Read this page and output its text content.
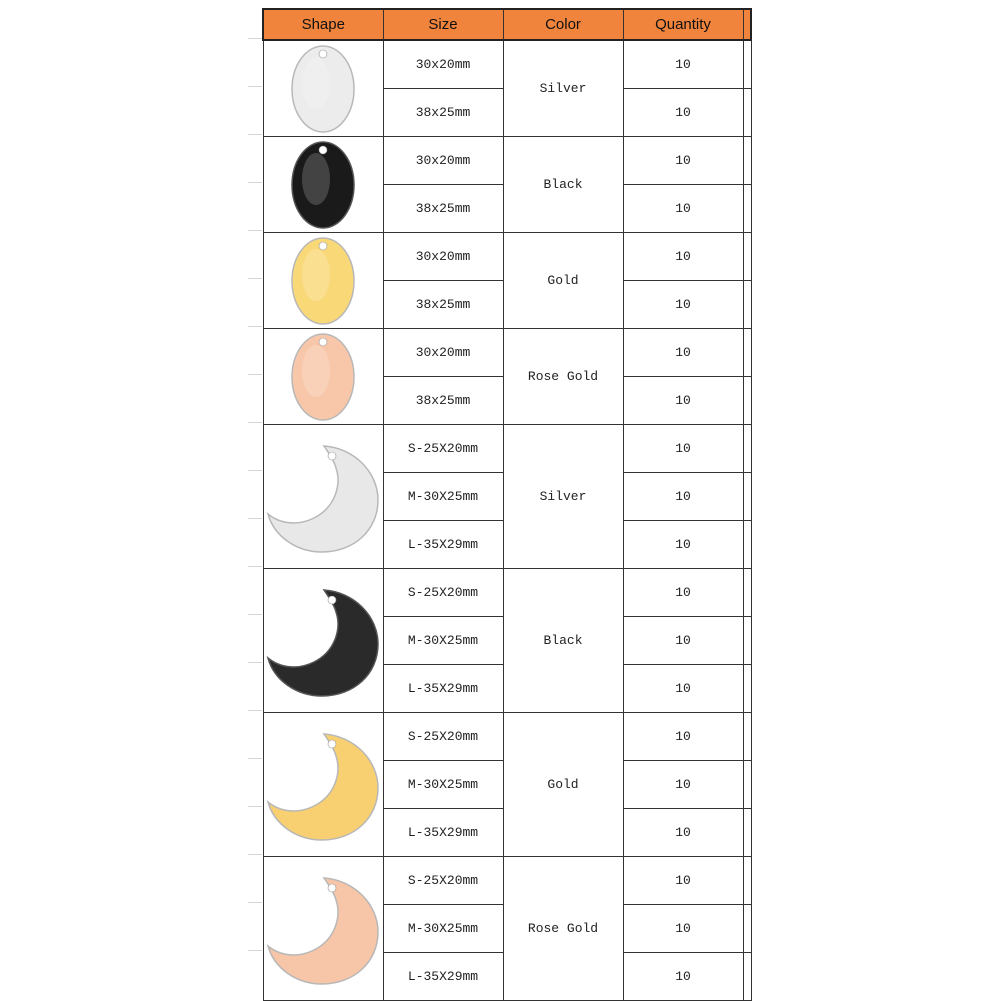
Shape	Size	Color	Quantity	

	30x20mm	Silver	10	
	38x25mm		10	

	30x20mm	Black	10	
	38x25mm		10	

	30x20mm	Gold	10	
	38x25mm		10	

	30x20mm	Rose Gold	10	
	38x25mm		10	

	S-25X20mm	Silver	10	
	M-30X25mm		10	
	L-35X29mm		10	

	S-25X20mm	Black	10	
	M-30X25mm		10	
	L-35X29mm		10	

	S-25X20mm	Gold	10	
	M-30X25mm		10	
	L-35X29mm		10	

	S-25X20mm	Rose Gold	10	
	M-30X25mm		10	
	L-35X29mm		10	
